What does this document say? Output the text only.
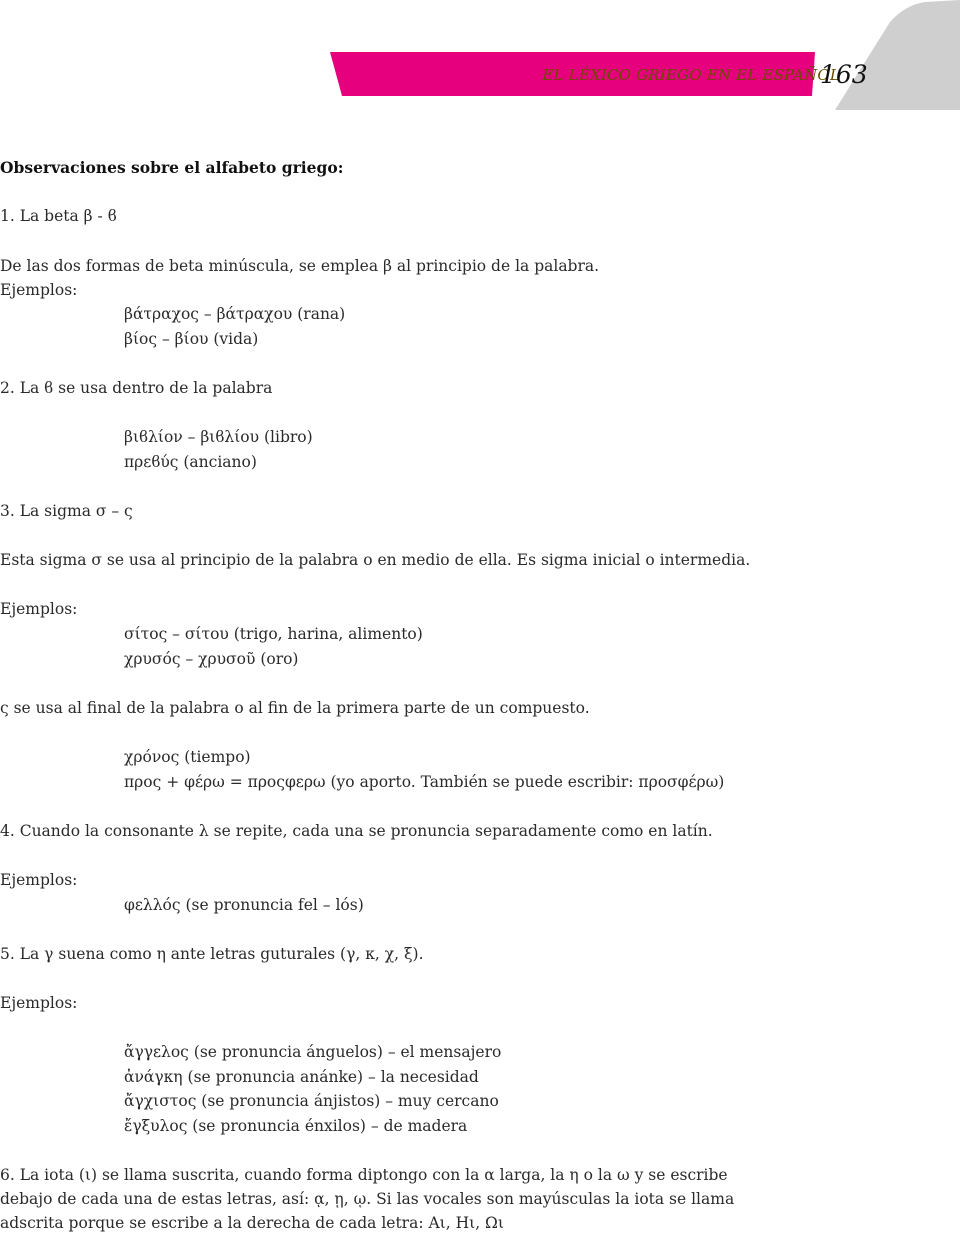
EL LÉXICO GRIEGO EN EL ESPAÑOL
163
Observaciones sobre el alfabeto griego:
1. La beta β - ϐ
De las dos formas de beta minúscula, se emplea β al principio de la palabra.
Ejemplos:
βάτραχος – βάτραχου (rana)
βίος – βίου (vida)
2. La ϐ se usa dentro de la palabra
βιϐλίον – βιϐλίου (libro)
πρεϐύς (anciano)
3. La sigma σ – ς
Esta sigma σ se usa al principio de la palabra o en medio de ella. Es sigma inicial o intermedia.
Ejemplos:
σίτος – σίτου (trigo, harina, alimento)
χρυσός – χρυσοῦ (oro)
ς se usa al final de la palabra o al fin de la primera parte de un compuesto.
χρόνος (tiempo)
προς + φέρω = προςφερω (yo aporto. También se puede escribir: προσφέρω)
4. Cuando la consonante λ se repite, cada una se pronuncia separadamente como en latín.
Ejemplos:
φελλός (se pronuncia fel – lós)
5. La γ suena como η ante letras guturales (γ, κ, χ, ξ).
Ejemplos:
ἄγγελος (se pronuncia ánguelos) – el mensajero
ἀνάγκη (se pronuncia anánke) – la necesidad
ἄγχιστος (se pronuncia ánjistos) – muy cercano
ἔγξυλος (se pronuncia énxilos) – de madera
6. La iota (ι) se llama suscrita, cuando forma diptongo con la α larga, la η o la ω y se escribe
debajo de cada una de estas letras, así: ᾳ, ῃ, ῳ. Si las vocales son mayúsculas la iota se llama
adscrita porque se escribe a la derecha de cada letra: Αι, Ηι, Ωι
